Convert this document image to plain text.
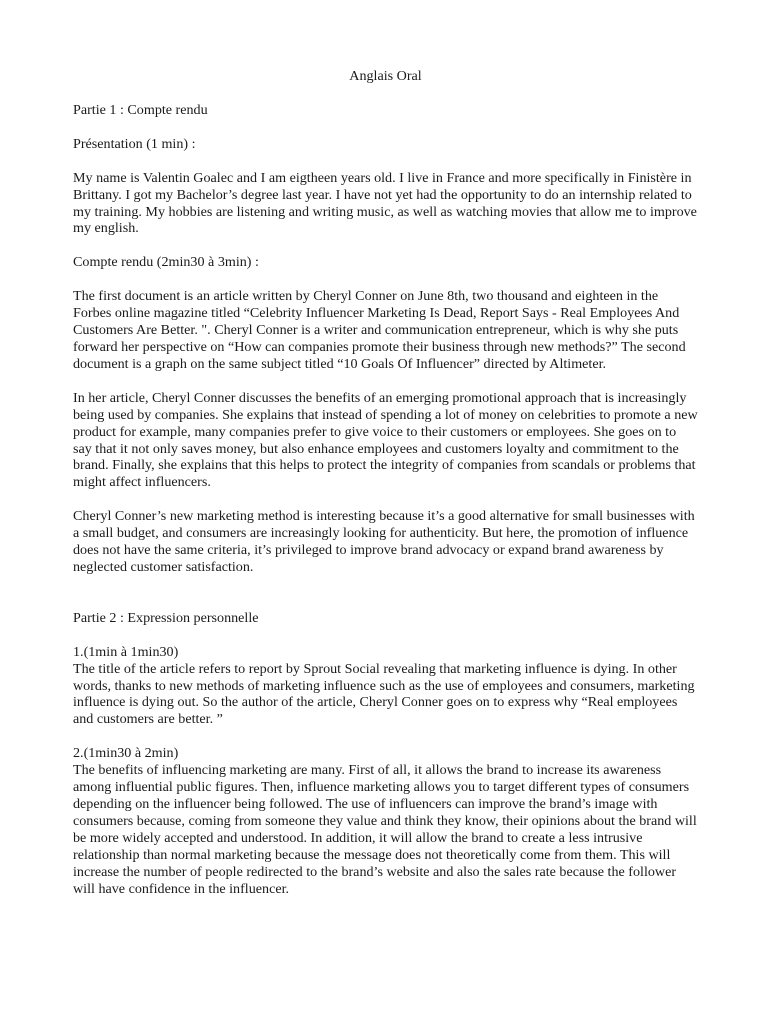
Anglais Oral

Partie 1 : Compte rendu

Présentation (1 min) :

My name is Valentin Goalec and I am eigtheen years old. I live in France and more specifically in Finistère in Brittany. I got my Bachelor’s degree last year. I have not yet had the opportunity to do an internship related to my training. My hobbies are listening and writing music, as well as watching movies that allow me to improve my english.

Compte rendu (2min30 à 3min) :

The first document is an article written by Cheryl Conner on June 8th, two thousand and eighteen in the Forbes online magazine titled “Celebrity Influencer Marketing Is Dead, Report Says - Real Employees And Customers Are Better. ". Cheryl Conner is a writer and communication entrepreneur, which is why she puts forward her perspective on “How can companies promote their business through new methods?” The second document is a graph on the same subject titled “10 Goals Of Influencer” directed by Altimeter.

In her article, Cheryl Conner discusses the benefits of an emerging promotional approach that is increasingly being used by companies. She explains that instead of spending a lot of money on celebrities to promote a new product for example, many companies prefer to give voice to their customers or employees. She goes on to say that it not only saves money, but also enhance employees and customers loyalty and commitment to the brand. Finally, she explains that this helps to protect the integrity of companies from scandals or problems that might affect influencers.

Cheryl Conner’s new marketing method is interesting because it’s a good alternative for small businesses with a small budget, and consumers are increasingly looking for authenticity. But here, the promotion of influence does not have the same criteria, it’s privileged to improve brand advocacy or expand brand awareness by neglected customer satisfaction.

Partie 2 : Expression personnelle

1.(1min à 1min30)

The title of the article refers to report by Sprout Social revealing that marketing influence is dying. In other words, thanks to new methods of marketing influence such as the use of employees and consumers, marketing influence is dying out. So the author of the article, Cheryl Conner goes on to express why “Real employees and customers are better. ”

2.(1min30 à 2min)

The benefits of influencing marketing are many. First of all, it allows the brand to increase its awareness among influential public figures. Then, influence marketing allows you to target different types of consumers depending on the influencer being followed. The use of influencers can improve the brand’s image with consumers because, coming from someone they value and think they know, their opinions about the brand will be more widely accepted and understood. In addition, it will allow the brand to create a less intrusive relationship than normal marketing because the message does not theoretically come from them. This will increase the number of people redirected to the brand’s website and also the sales rate because the follower will have confidence in the influencer.
